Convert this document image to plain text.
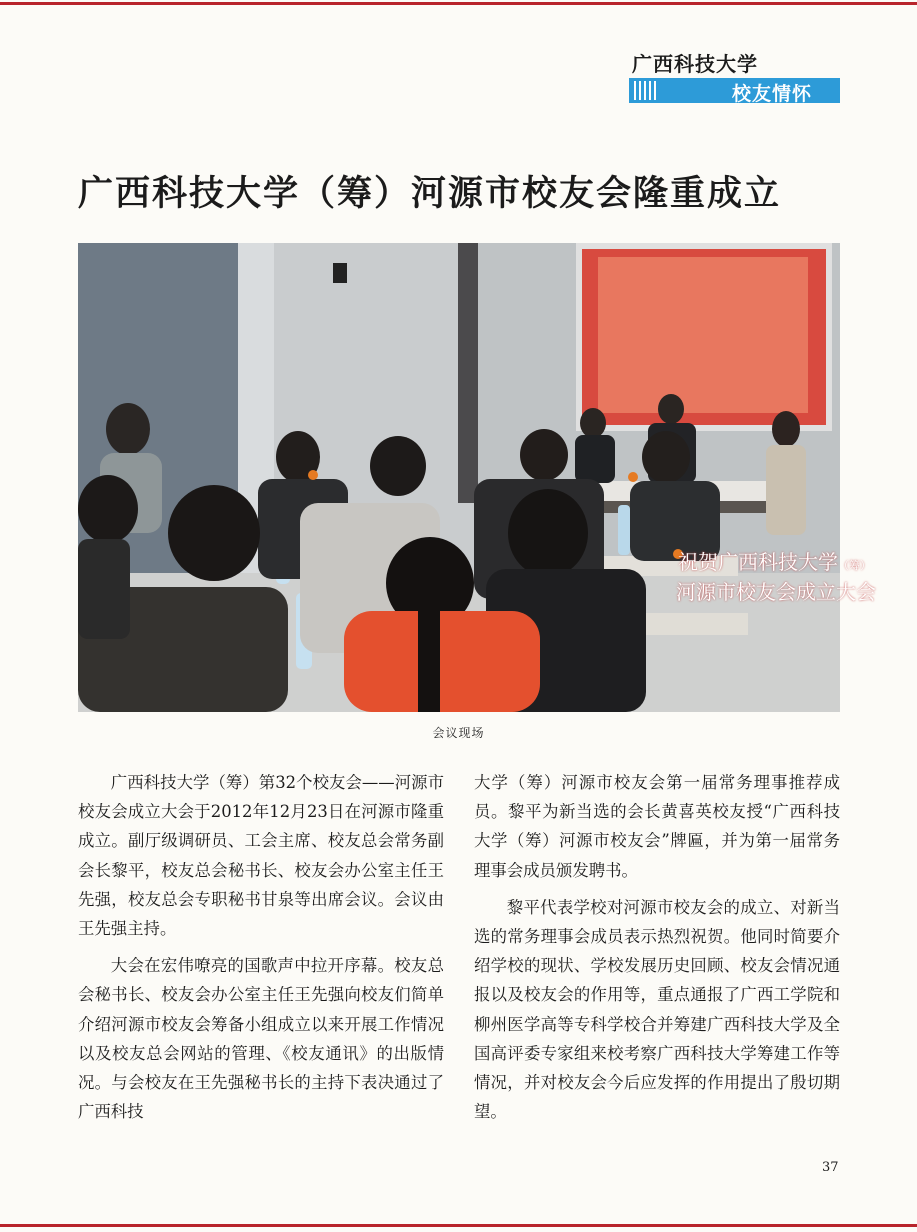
广西科技大学
校友情怀
广西科技大学（筹）河源市校友会隆重成立
祝贺广西科技大学（筹）
河源市校友会成立大会
会议现场

广西科技大学（筹）第32个校友会——河源市校友会成立大会于2012年12月23日在河源市隆重成立。副厅级调研员、工会主席、校友总会常务副会长黎平，校友总会秘书长、校友会办公室主任王先强，校友总会专职秘书甘泉等出席会议。会议由王先强主持。

大会在宏伟嘹亮的国歌声中拉开序幕。校友总会秘书长、校友会办公室主任王先强向校友们简单介绍河源市校友会筹备小组成立以来开展工作情况以及校友总会网站的管理、《校友通讯》的出版情况。与会校友在王先强秘书长的主持下表决通过了广西科技

大学（筹）河源市校友会第一届常务理事推荐成员。黎平为新当选的会长黄喜英校友授“广西科技大学（筹）河源市校友会”牌匾，并为第一届常务理事会成员颁发聘书。

黎平代表学校对河源市校友会的成立、对新当选的常务理事会成员表示热烈祝贺。他同时简要介绍学校的现状、学校发展历史回顾、校友会情况通报以及校友会的作用等，重点通报了广西工学院和柳州医学高等专科学校合并筹建广西科技大学及全国高评委专家组来校考察广西科技大学筹建工作等情况，并对校友会今后应发挥的作用提出了殷切期望。

37
